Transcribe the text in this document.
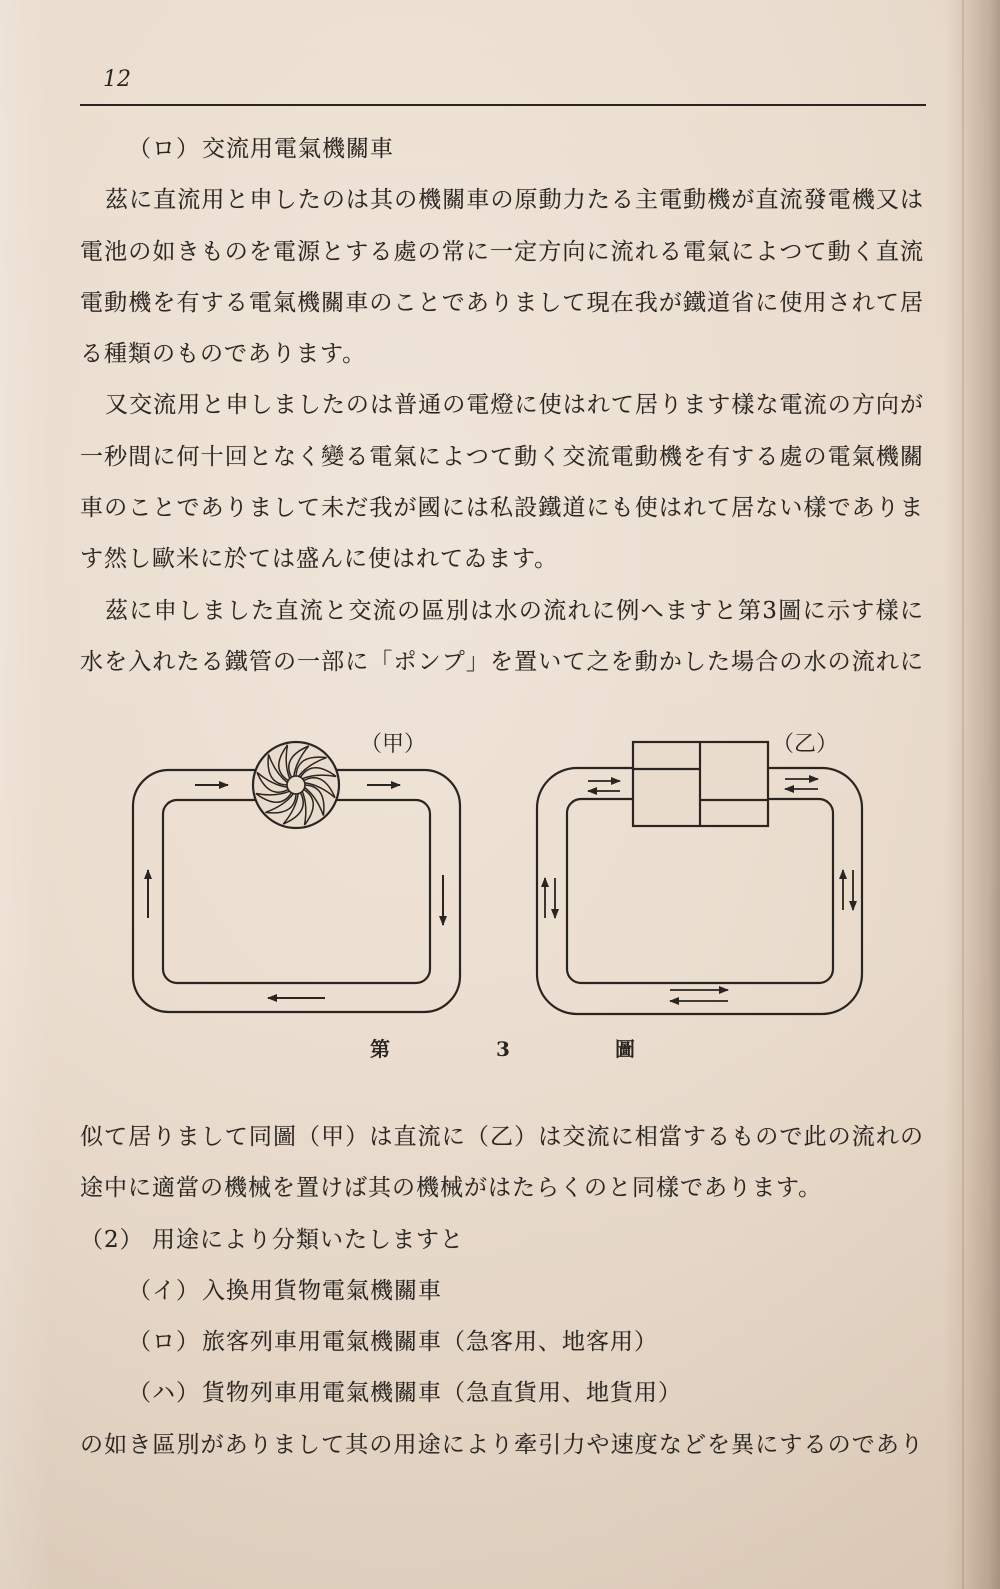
12
（ロ）交流用電氣機關車
茲に直流用と申したのは其の機關車の原動力たる主電動機が直流發電機又は
電池の如きものを電源とする處の常に一定方向に流れる電氣によつて動く直流
電動機を有する電氣機關車のことでありまして現在我が鐵道省に使用されて居
る種類のものであります。
又交流用と申しましたのは普通の電燈に使はれて居ります樣な電流の方向が
一秒間に何十回となく變る電氣によつて動く交流電動機を有する處の電氣機關
車のことでありまして未だ我が國には私設鐵道にも使はれて居ない樣でありま
す然し歐米に於ては盛んに使はれてゐます。
茲に申しました直流と交流の區別は水の流れに例へますと第3圖に示す樣に
水を入れたる鐵管の一部に「ポンプ」を置いて之を動かした場合の水の流れに
（甲）	（乙）
第	3	圖
似て居りまして同圖（甲）は直流に（乙）は交流に相當するもので此の流れの
途中に適當の機械を置けば其の機械がはたらくのと同樣であります。
（2） 用途により分類いたしますと
（イ）入換用貨物電氣機關車
（ロ）旅客列車用電氣機關車（急客用、地客用）
（ハ）貨物列車用電氣機關車（急直貨用、地貨用）
の如き區別がありまして其の用途により牽引力や速度などを異にするのであり
